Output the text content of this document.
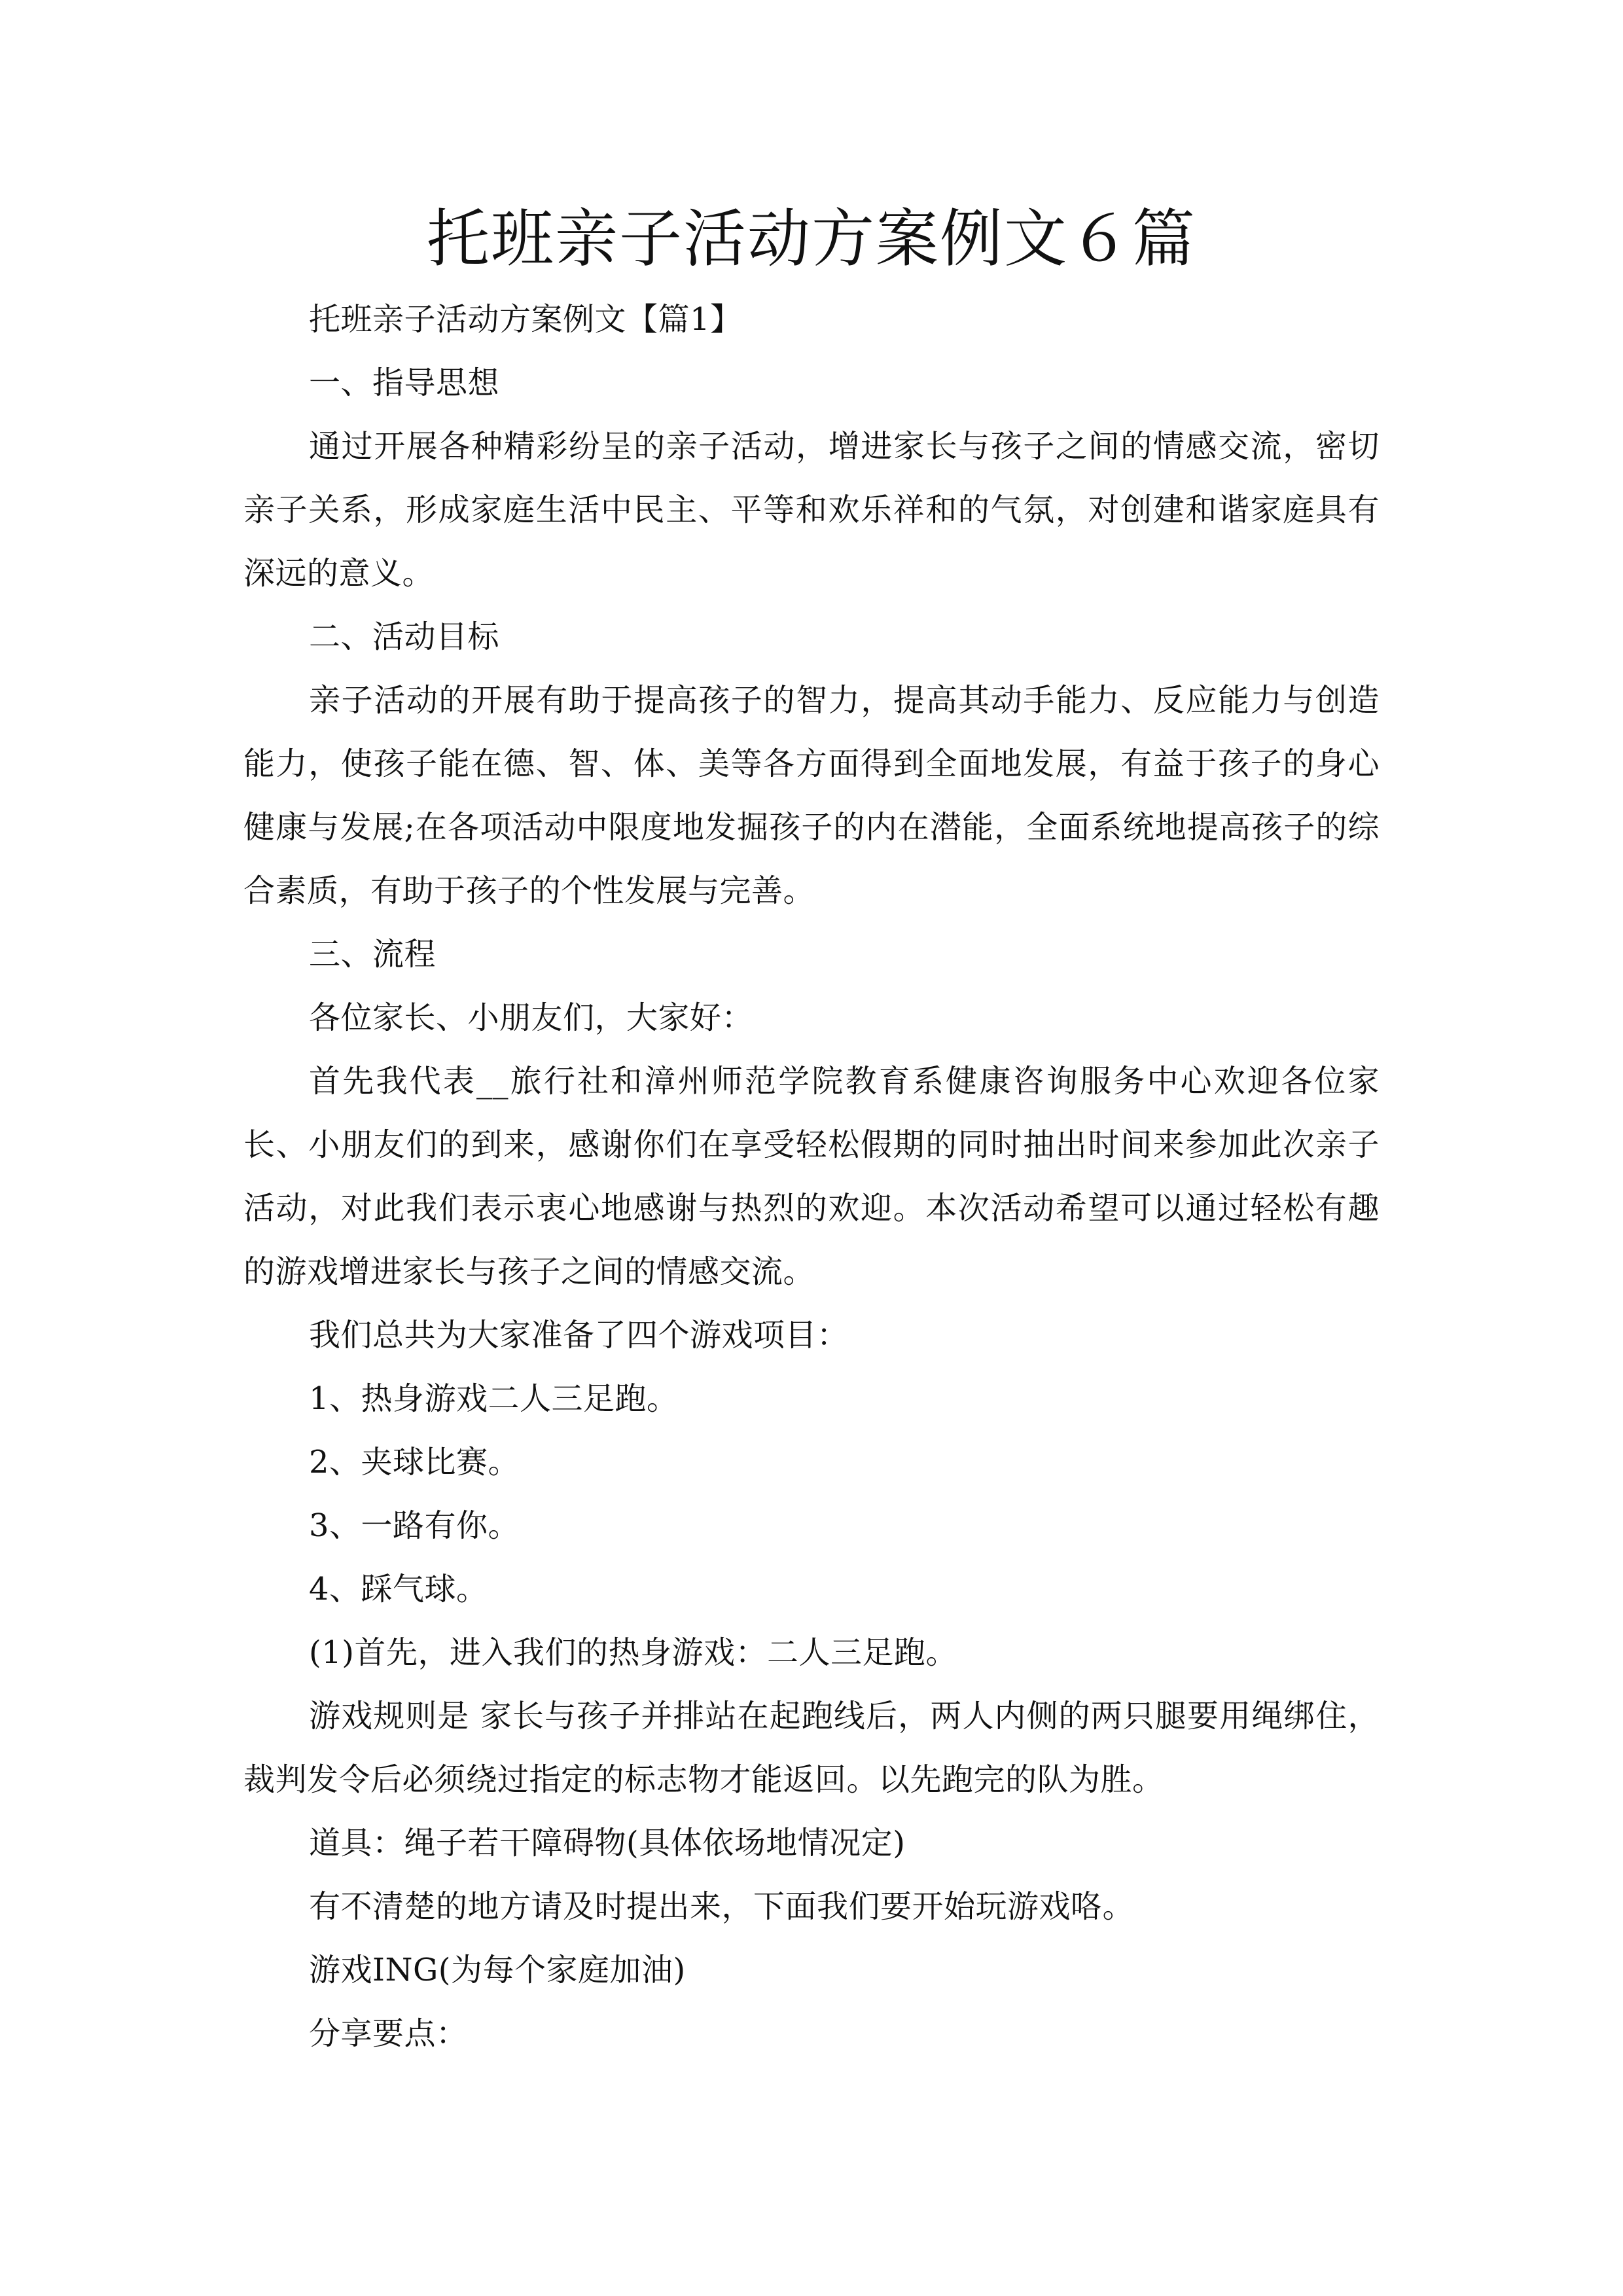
托班亲子活动方案例文６篇

托班亲子活动方案例文【篇1】

一、指导思想

通过开展各种精彩纷呈的亲子活动，增进家长与孩子之间的情感交流，密切亲子关系，形成家庭生活中民主、平等和欢乐祥和的气氛，对创建和谐家庭具有深远的意义。

二、活动目标

亲子活动的开展有助于提高孩子的智力，提高其动手能力、反应能力与创造能力，使孩子能在德、智、体、美等各方面得到全面地发展，有益于孩子的身心健康与发展;在各项活动中限度地发掘孩子的内在潜能，全面系统地提高孩子的综合素质，有助于孩子的个性发展与完善。

三、流程

各位家长、小朋友们，大家好：

首先我代表__旅行社和漳州师范学院教育系健康咨询服务中心欢迎各位家长、小朋友们的到来，感谢你们在享受轻松假期的同时抽出时间来参加此次亲子活动，对此我们表示衷心地感谢与热烈的欢迎。本次活动希望可以通过轻松有趣的游戏增进家长与孩子之间的情感交流。

我们总共为大家准备了四个游戏项目：

1、热身游戏二人三足跑。

2、夹球比赛。

3、一路有你。

4、踩气球。

(1)首先，进入我们的热身游戏：二人三足跑。

游戏规则是 家长与孩子并排站在起跑线后，两人内侧的两只腿要用绳绑住，裁判发令后必须绕过指定的标志物才能返回。以先跑完的队为胜。

道具：绳子若干障碍物(具体依场地情况定)

有不清楚的地方请及时提出来，下面我们要开始玩游戏咯。

游戏ING(为每个家庭加油)

分享要点：
